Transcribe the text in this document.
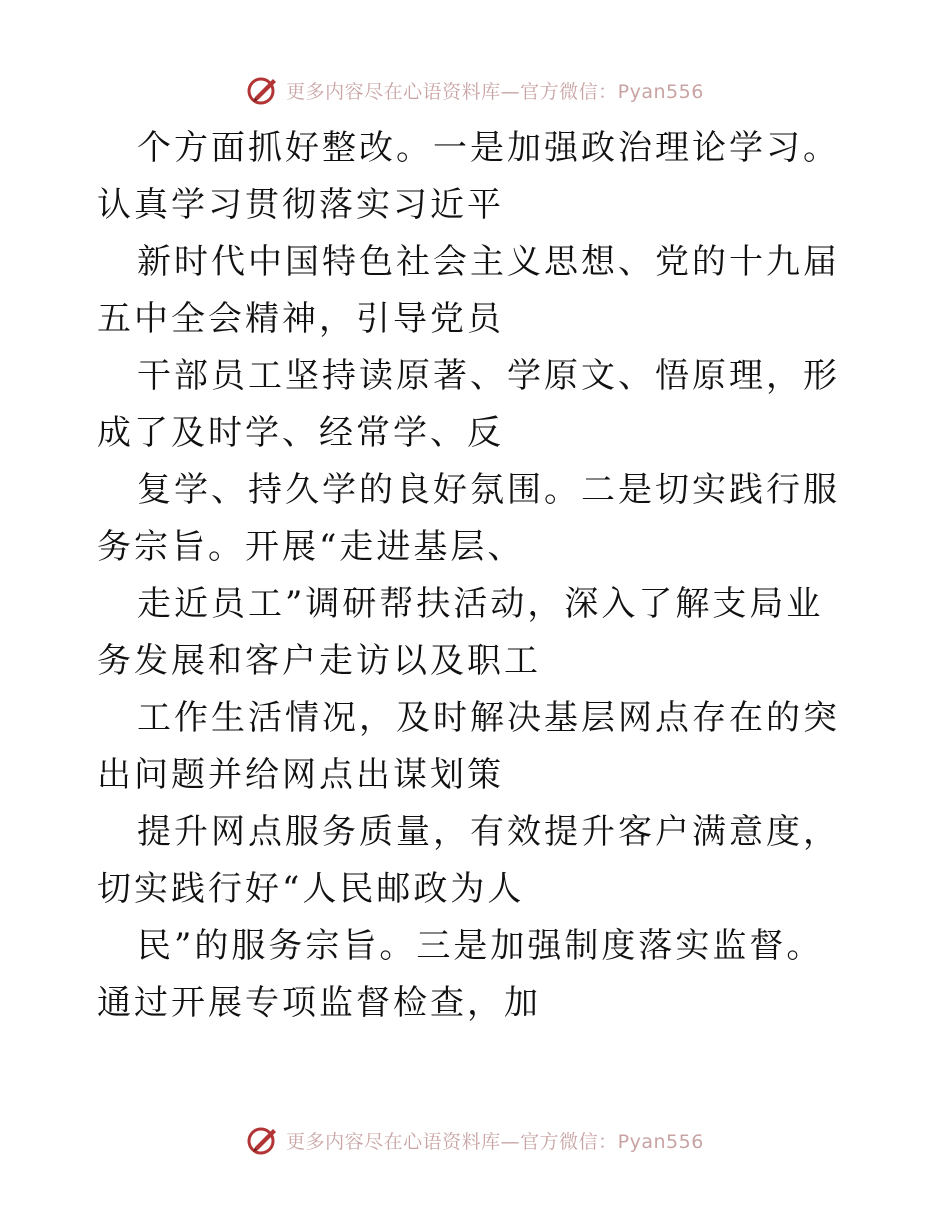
更多内容尽在心语资料库—官方微信：Pyan556

个方面抓好整改。一是加强政治理论学习。认真学习贯彻落实习近平

新时代中国特色社会主义思想、党的十九届五中全会精神，引导党员

干部员工坚持读原著、学原文、悟原理，形成了及时学、经常学、反

复学、持久学的良好氛围。二是切实践行服务宗旨。开展“走进基层、

走近员工”调研帮扶活动，深入了解支局业务发展和客户走访以及职工

工作生活情况，及时解决基层网点存在的突出问题并给网点出谋划策

提升网点服务质量，有效提升客户满意度，切实践行好“人民邮政为人

民”的服务宗旨。三是加强制度落实监督。通过开展专项监督检查，加

更多内容尽在心语资料库—官方微信：Pyan556
